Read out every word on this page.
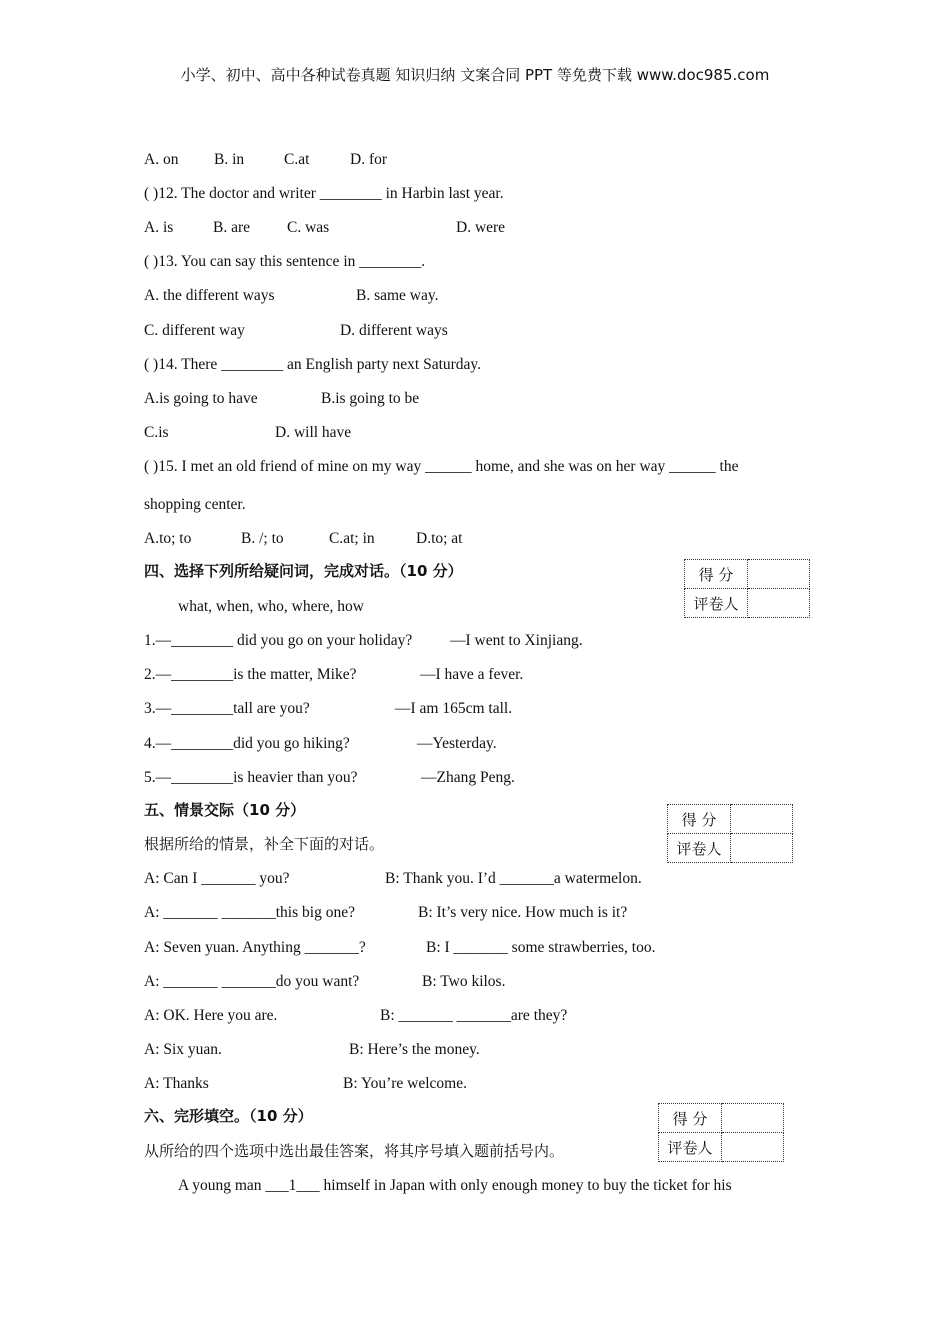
小学、初中、高中各种试卷真题 知识归纳 文案合同 PPT 等免费下载 www.doc985.com
A. on B. in	C.at	D. for
( )12. The doctor and writer ________ in Harbin last year.
A. is	B. are C. was	D. were
( )13. You can say this sentence in ________.
A. the different ways	B. same way.
C. different way	D. different ways
( )14. There ________ an English party next Saturday.
A.is going to have	B.is going to be
C.is	D. will have
( )15. I met an old friend of mine on my way ______ home, and she was on her way ______ the
shopping center.
A.to; to	B. /; to	C.at; in	D.to; at
四、选择下列所给疑问词，完成对话。（10 分）	得 分	
评卷人	
what, when, who, where, how
1.—________ did you go on your holiday? —I went to Xinjiang.
2.—________is the matter, Mike?	—I have a fever.
3.—________tall are you?	—I am 165cm tall.
4.—________did you go hiking?	—Yesterday.
5.—________is heavier than you?	—Zhang Peng.
五、情景交际（10 分）
得 分	
评卷人	
根据所给的情景，补全下面的对话。
A: Can I _______ you?	B: Thank you. I’d _______a watermelon.
A: _______ _______this big one?	B: It’s very nice. How much is it?
A: Seven yuan. Anything _______?	B: I _______ some strawberries, too.
A: _______ _______do you want?	B: Two kilos.
A: OK. Here you are.	B: _______ _______are they?
A: Six yuan.	B: Here’s the money.
A: Thanks	B: You’re welcome.
六、完形填空。（10 分）	得 分	
评卷人	
从所给的四个选项中选出最佳答案，将其序号填入题前括号内。
A young man ___1___ himself in Japan with only enough money to buy the ticket for his
